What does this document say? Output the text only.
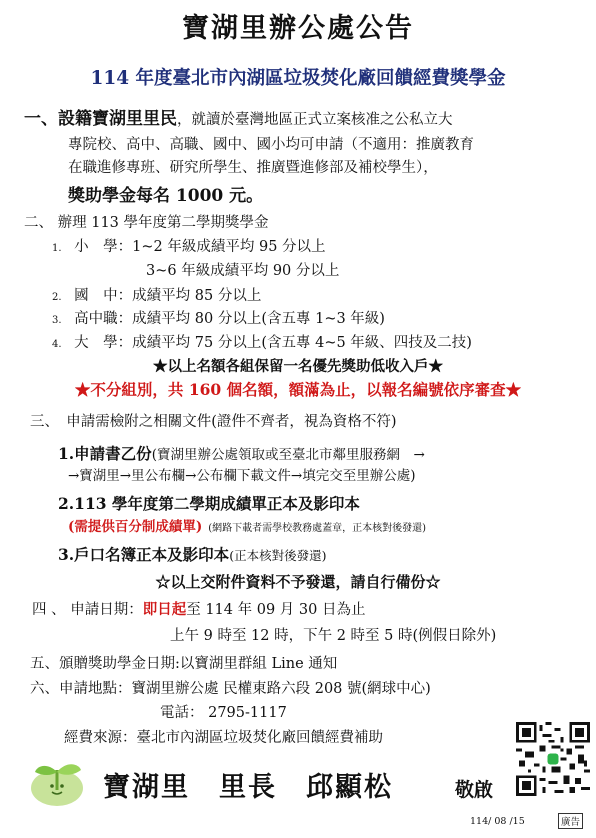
寶湖里辦公處公告
114 年度臺北市內湖區垃圾焚化廠回饋經費獎學金
一、設籍寶湖里里民，就讀於臺灣地區正式立案核准之公私立大
專院校、高中、高職、國中、國小均可申請（不適用：推廣教育
在職進修專班、研究所學生、推廣暨進修部及補校學生），
獎助學金每名 1000 元。
二、 辦理 113 學年度第二學期獎學金
1. 小　學：1~2 年級成績平均 95 分以上
3~6 年級成績平均 90 分以上
2. 國　中：成績平均 85 分以上
3. 高中職：成績平均 80 分以上(含五專 1~3 年級)
4. 大　學：成績平均 75 分以上(含五專 4~5 年級、四技及二技)
★以上名額各組保留一名優先獎助低收入戶★
★不分組別，共 160 個名額，額滿為止，以報名編號依序審查★
三、　申請需檢附之相關文件(證件不齊者，視為資格不符)
1.申請書乙份(寶湖里辦公處領取或至臺北市鄰里服務網　→
→寶湖里→里公布欄→公布欄下載文件→填完交至里辦公處)
2.113 學年度第二學期成績單正本及影印本
(需提供百分制成績單) (網路下載者需學校教務處蓋章，正本核對後發還)
3.戶口名簿正本及影印本(正本核對後發還)
☆以上交附件資料不予發還，請自行備份☆
四 、 申請日期：即日起至 114 年 09 月 30 日為止
上午 9 時至 12 時，下午 2 時至 5 時(例假日除外)
五、頒贈獎助學金日期:以寶湖里群組 Line 通知
六、申請地點：寶湖里辦公處 民權東路六段 208 號(網球中心)
電話： 2795-1117
經費來源：臺北市內湖區垃圾焚化廠回饋經費補助
寶湖里　里長　邱顯松	敬啟
114/ 08 /15	廣告
